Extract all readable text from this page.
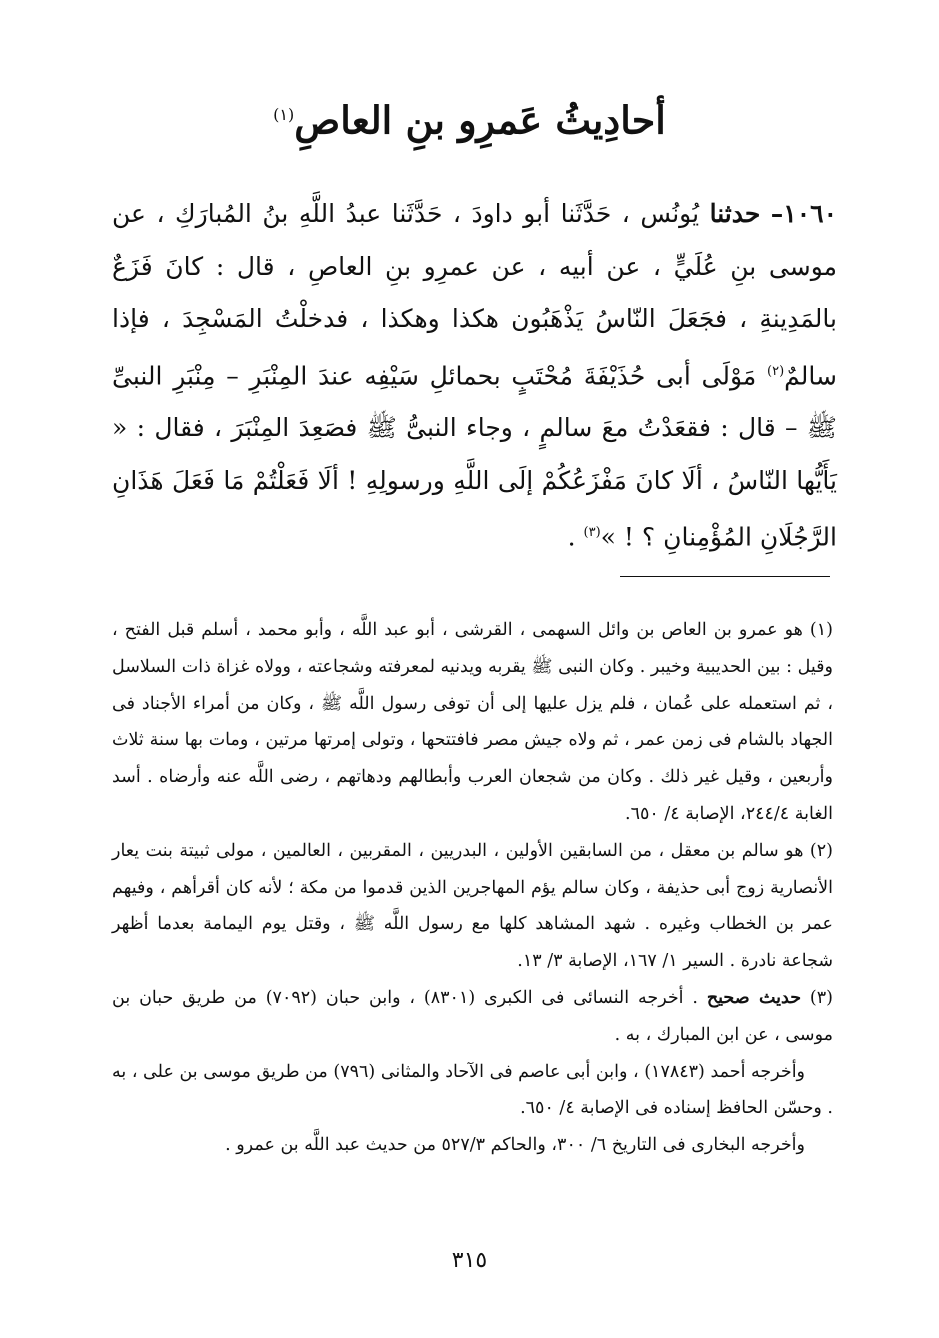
أحادِيثُ عَمرِو بنِ العاصِ$^{(١)}$

١٠٦٠– حدثنا يُونُس ، حَدَّثَنا أبو داودَ ، حَدَّثَنا عبدُ اللَّهِ بنُ المُبارَكِ ، عن موسى بنِ عُلَيٍّ ، عن أبيه ، عن عمرِو بنِ العاصِ ، قال : كانَ فَزَعٌ بالمَدِينةِ ، فجَعَلَ النّاسُ يَذْهَبُون هكذا وهكذا ، فدخلْتُ المَسْجِدَ ، فإذا سالمٌ$^{(٢)}$ مَوْلَى أبى حُذَيْفَةَ مُحْتَبٍ بحمائلِ سَيْفِه عندَ المِنْبَرِ – مِنْبَرِ النبىِّ ﷺ – قال : فقعَدْتُ معَ سالمٍ ، وجاء النبىُّ ﷺ فصَعِدَ المِنْبَرَ ، فقال : « يَأَيُّها النّاسُ ، ألَا كانَ مَفْزَعُكُمْ إلَى اللَّهِ ورسولِهِ ! ألَا فَعَلْتُمْ مَا فَعَلَ هَذَانِ الرَّجُلَانِ المُؤْمِنانِ ؟ ! »$^{(٣)}$ .

(١) هو عمرو بن العاص بن وائل السهمى ، القرشى ، أبو عبد اللَّه ، وأبو محمد ، أسلم قبل الفتح ، وقيل : بين الحديبية وخيبر . وكان النبى ﷺ يقربه ويدنيه لمعرفته وشجاعته ، وولاه غزاة ذات السلاسل ، ثم استعمله على عُمان ، فلم يزل عليها إلى أن توفى رسول اللَّه ﷺ ، وكان من أمراء الأجناد فى الجهاد بالشام فى زمن عمر ، ثم ولاه جيش مصر فافتتحها ، وتولى إمرتها مرتين ، ومات بها سنة ثلاث وأربعين ، وقيل غير ذلك . وكان من شجعان العرب وأبطالهم ودهاتهم ، رضى اللَّه عنه وأرضاه . أسد الغابة ٢٤٤/٤، الإصابة ٤/ ٦٥٠.

(٢) هو سالم بن معقل ، من السابقين الأولين ، البدريين ، المقربين ، العالمين ، مولى ثبيتة بنت يعار الأنصارية زوج أبى حذيفة ، وكان سالم يؤم المهاجرين الذين قدموا من مكة ؛ لأنه كان أقرأهم ، وفيهم عمر بن الخطاب وغيره . شهد المشاهد كلها مع رسول اللَّه ﷺ ، وقتل يوم اليمامة بعدما أظهر شجاعة نادرة . السير ١/ ١٦٧، الإصابة ٣/ ١٣.

(٣) حديث صحيح . أخرجه النسائى فى الكبرى (٨٣٠١) ، وابن حبان (٧٠٩٢) من طريق حبان بن موسى ، عن ابن المبارك ، به .

وأخرجه أحمد (١٧٨٤٣) ، وابن أبى عاصم فى الآحاد والمثانى (٧٩٦) من طريق موسى بن على ، به . وحسّن الحافظ إسناده فى الإصابة ٤/ ٦٥٠.

وأخرجه البخارى فى التاريخ ٦/ ٣٠٠، والحاكم ٥٢٧/٣ من حديث عبد اللَّه بن عمرو .

٣١٥
